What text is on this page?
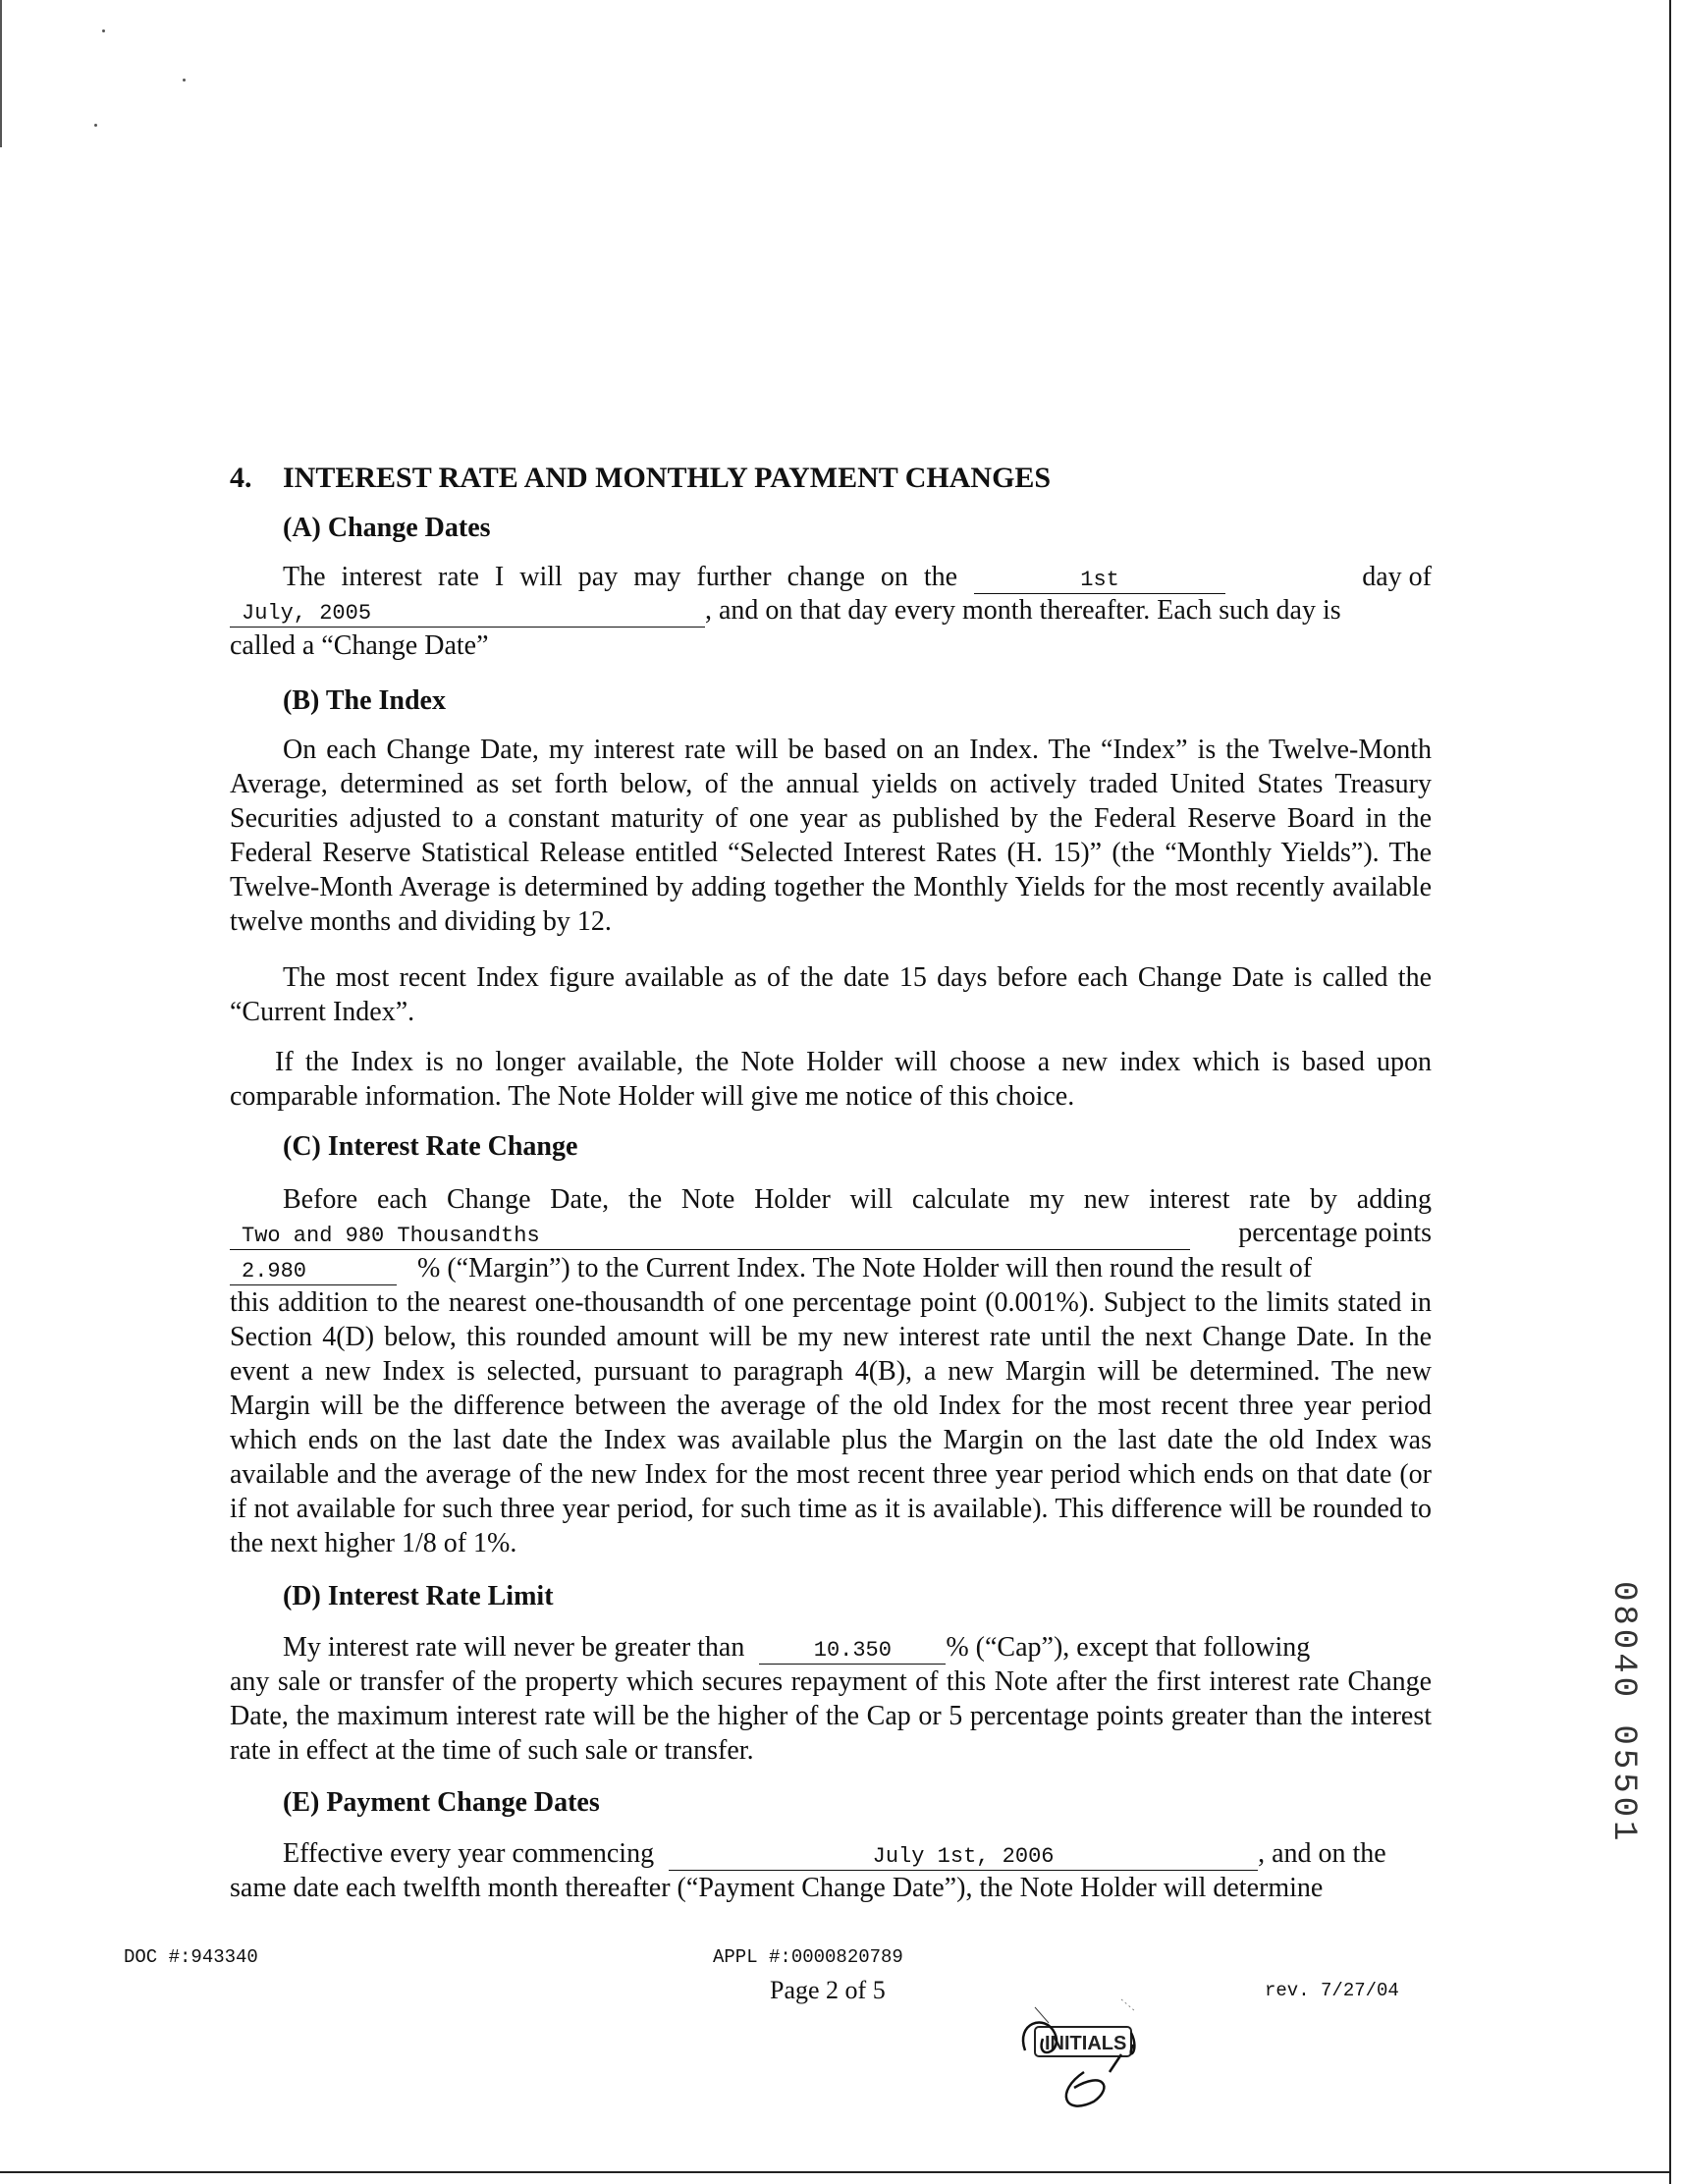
4. INTEREST RATE AND MONTHLY PAYMENT CHANGES
(A) Change Dates
The interest rate I will pay may further change on the	1st	day of
July, 2005	, and on that day every month thereafter. Each such day is
called a “Change Date”
(B) The Index
On each Change Date, my interest rate will be based on an Index. The “Index” is the Twelve-Month Average, determined as set forth below, of the annual yields on actively traded United States Treasury Securities adjusted to a constant maturity of one year as published by the Federal Reserve Board in the Federal Reserve Statistical Release entitled “Selected Interest Rates (H. 15)” (the “Monthly Yields”). The Twelve-Month Average is determined by adding together the Monthly Yields for the most recently available twelve months and dividing by 12.
The most recent Index figure available as of the date 15 days before each Change Date is called the “Current Index”.
If the Index is no longer available, the Note Holder will choose a new index which is based upon comparable information. The Note Holder will give me notice of this choice.
(C) Interest Rate Change
Before each Change Date, the Note Holder will calculate my new interest rate by adding
Two and 980 Thousandths	percentage points
2.980	% (“Margin”) to the Current Index. The Note Holder will then round the result of
this addition to the nearest one-thousandth of one percentage point (0.001%). Subject to the limits stated in Section 4(D) below, this rounded amount will be my new interest rate until the next Change Date. In the event a new Index is selected, pursuant to paragraph 4(B), a new Margin will be determined. The new Margin will be the difference between the average of the old Index for the most recent three year period which ends on the last date the Index was available plus the Margin on the last date the old Index was available and the average of the new Index for the most recent three year period which ends on that date (or if not available for such three year period, for such time as it is available). This difference will be rounded to the next higher 1/8 of 1%.
(D) Interest Rate Limit
My interest rate will never be greater than	10.350 % (“Cap”), except that following
any sale or transfer of the property which secures repayment of this Note after the first interest rate Change Date, the maximum interest rate will be the higher of the Cap or 5 percentage points greater than the interest rate in effect at the time of such sale or transfer.
(E) Payment Change Dates
Effective every year commencing	July 1st, 2006	, and on the
same date each twelfth month thereafter (“Payment Change Date”), the Note Holder will determine
DOC #:943340	APPL #:0000820789
Page 2 of 5	rev. 7/27/04
INITIALS
08040 05501
